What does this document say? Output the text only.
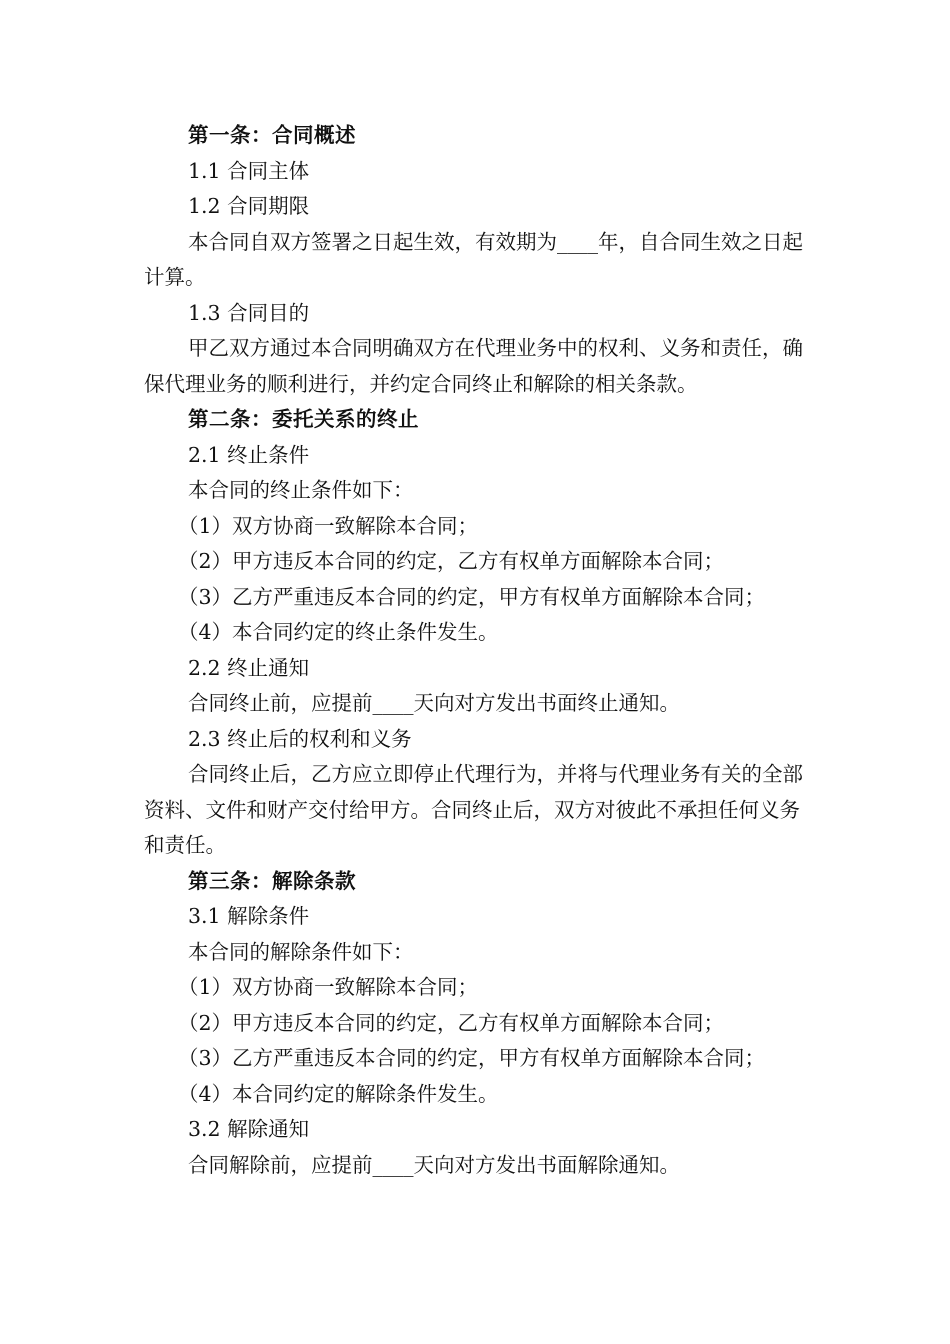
第一条：合同概述

1.1 合同主体

1.2 合同期限

本合同自双方签署之日起生效，有效期为____年，自合同生效之日起计算。

1.3 合同目的

甲乙双方通过本合同明确双方在代理业务中的权利、义务和责任，确保代理业务的顺利进行，并约定合同终止和解除的相关条款。

第二条：委托关系的终止

2.1 终止条件

本合同的终止条件如下：

（1）双方协商一致解除本合同；

（2）甲方违反本合同的约定，乙方有权单方面解除本合同；

（3）乙方严重违反本合同的约定，甲方有权单方面解除本合同；

（4）本合同约定的终止条件发生。

2.2 终止通知

合同终止前，应提前____天向对方发出书面终止通知。

2.3 终止后的权利和义务

合同终止后，乙方应立即停止代理行为，并将与代理业务有关的全部资料、文件和财产交付给甲方。合同终止后，双方对彼此不承担任何义务和责任。

第三条：解除条款

3.1 解除条件

本合同的解除条件如下：

（1）双方协商一致解除本合同；

（2）甲方违反本合同的约定，乙方有权单方面解除本合同；

（3）乙方严重违反本合同的约定，甲方有权单方面解除本合同；

（4）本合同约定的解除条件发生。

3.2 解除通知

合同解除前，应提前____天向对方发出书面解除通知。
